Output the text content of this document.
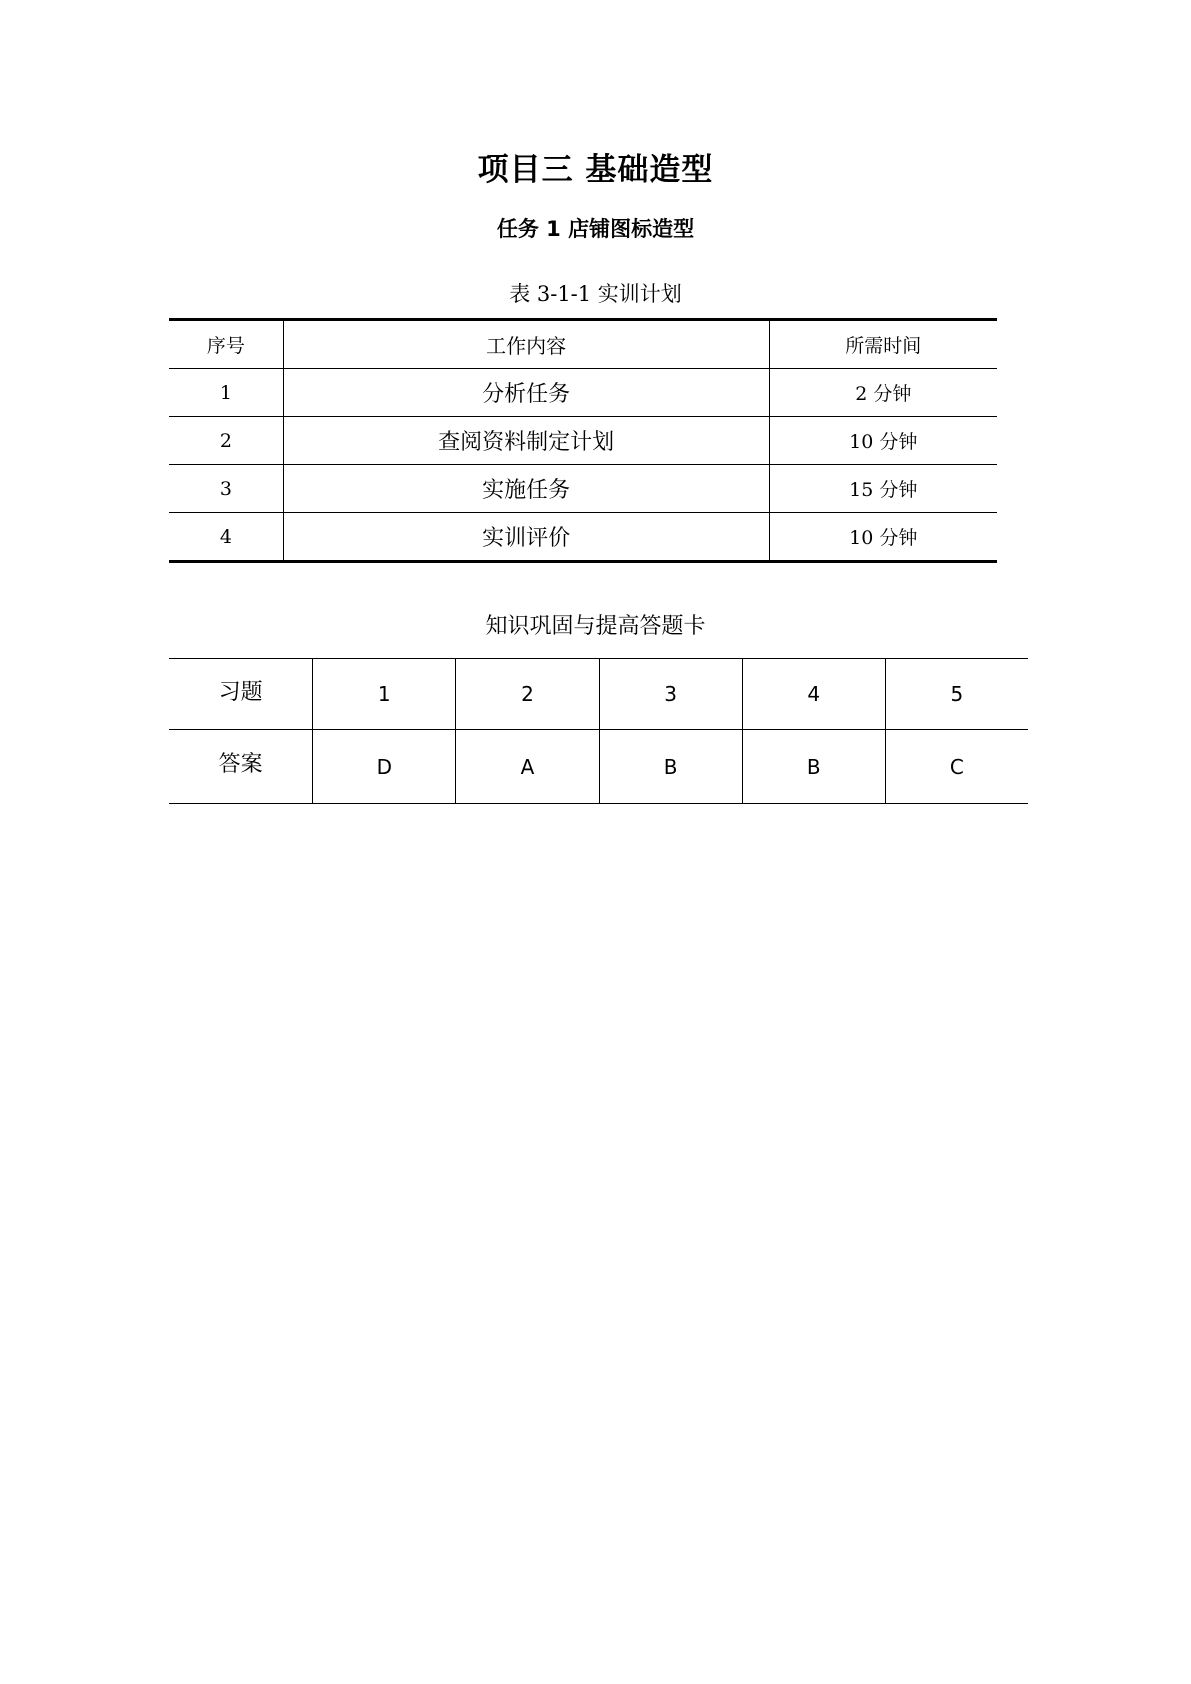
项目三 基础造型
任务 1 店铺图标造型
表 3-1-1 实训计划
序号	工作内容	所需时间
1	分析任务	2 分钟
2	查阅资料制定计划	10 分钟
3	实施任务	15 分钟
4	实训评价	10 分钟
知识巩固与提高答题卡
习题	1	2	3	4	5
答案	D	A	B	B	C
